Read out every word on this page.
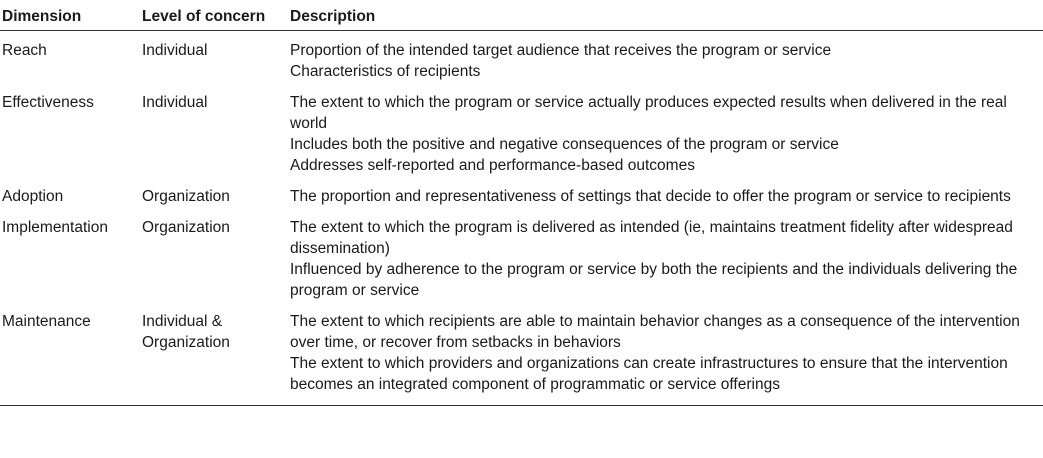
Dimension	Level of concern	Description
Reach	Individual	Proportion of the intended target audience that receives the program or service
Characteristics of recipients

Effectiveness	Individual	The extent to which the program or service actually produces expected results when delivered in the real world
Includes both the positive and negative consequences of the program or service
Addresses self-reported and performance-based outcomes

Adoption	Organization	The proportion and representativeness of settings that decide to offer the program or service to recipients

Implementation	Organization	The extent to which the program is delivered as intended (ie, maintains treatment fidelity after widespread dissemination)
Influenced by adherence to the program or service by both the recipients and the individuals delivering the program or service

Maintenance	Individual & Organization	The extent to which recipients are able to maintain behavior changes as a consequence of the intervention over time, or recover from setbacks in behaviors
The extent to which providers and organizations can create infrastructures to ensure that the intervention becomes an integrated component of programmatic or service offerings
